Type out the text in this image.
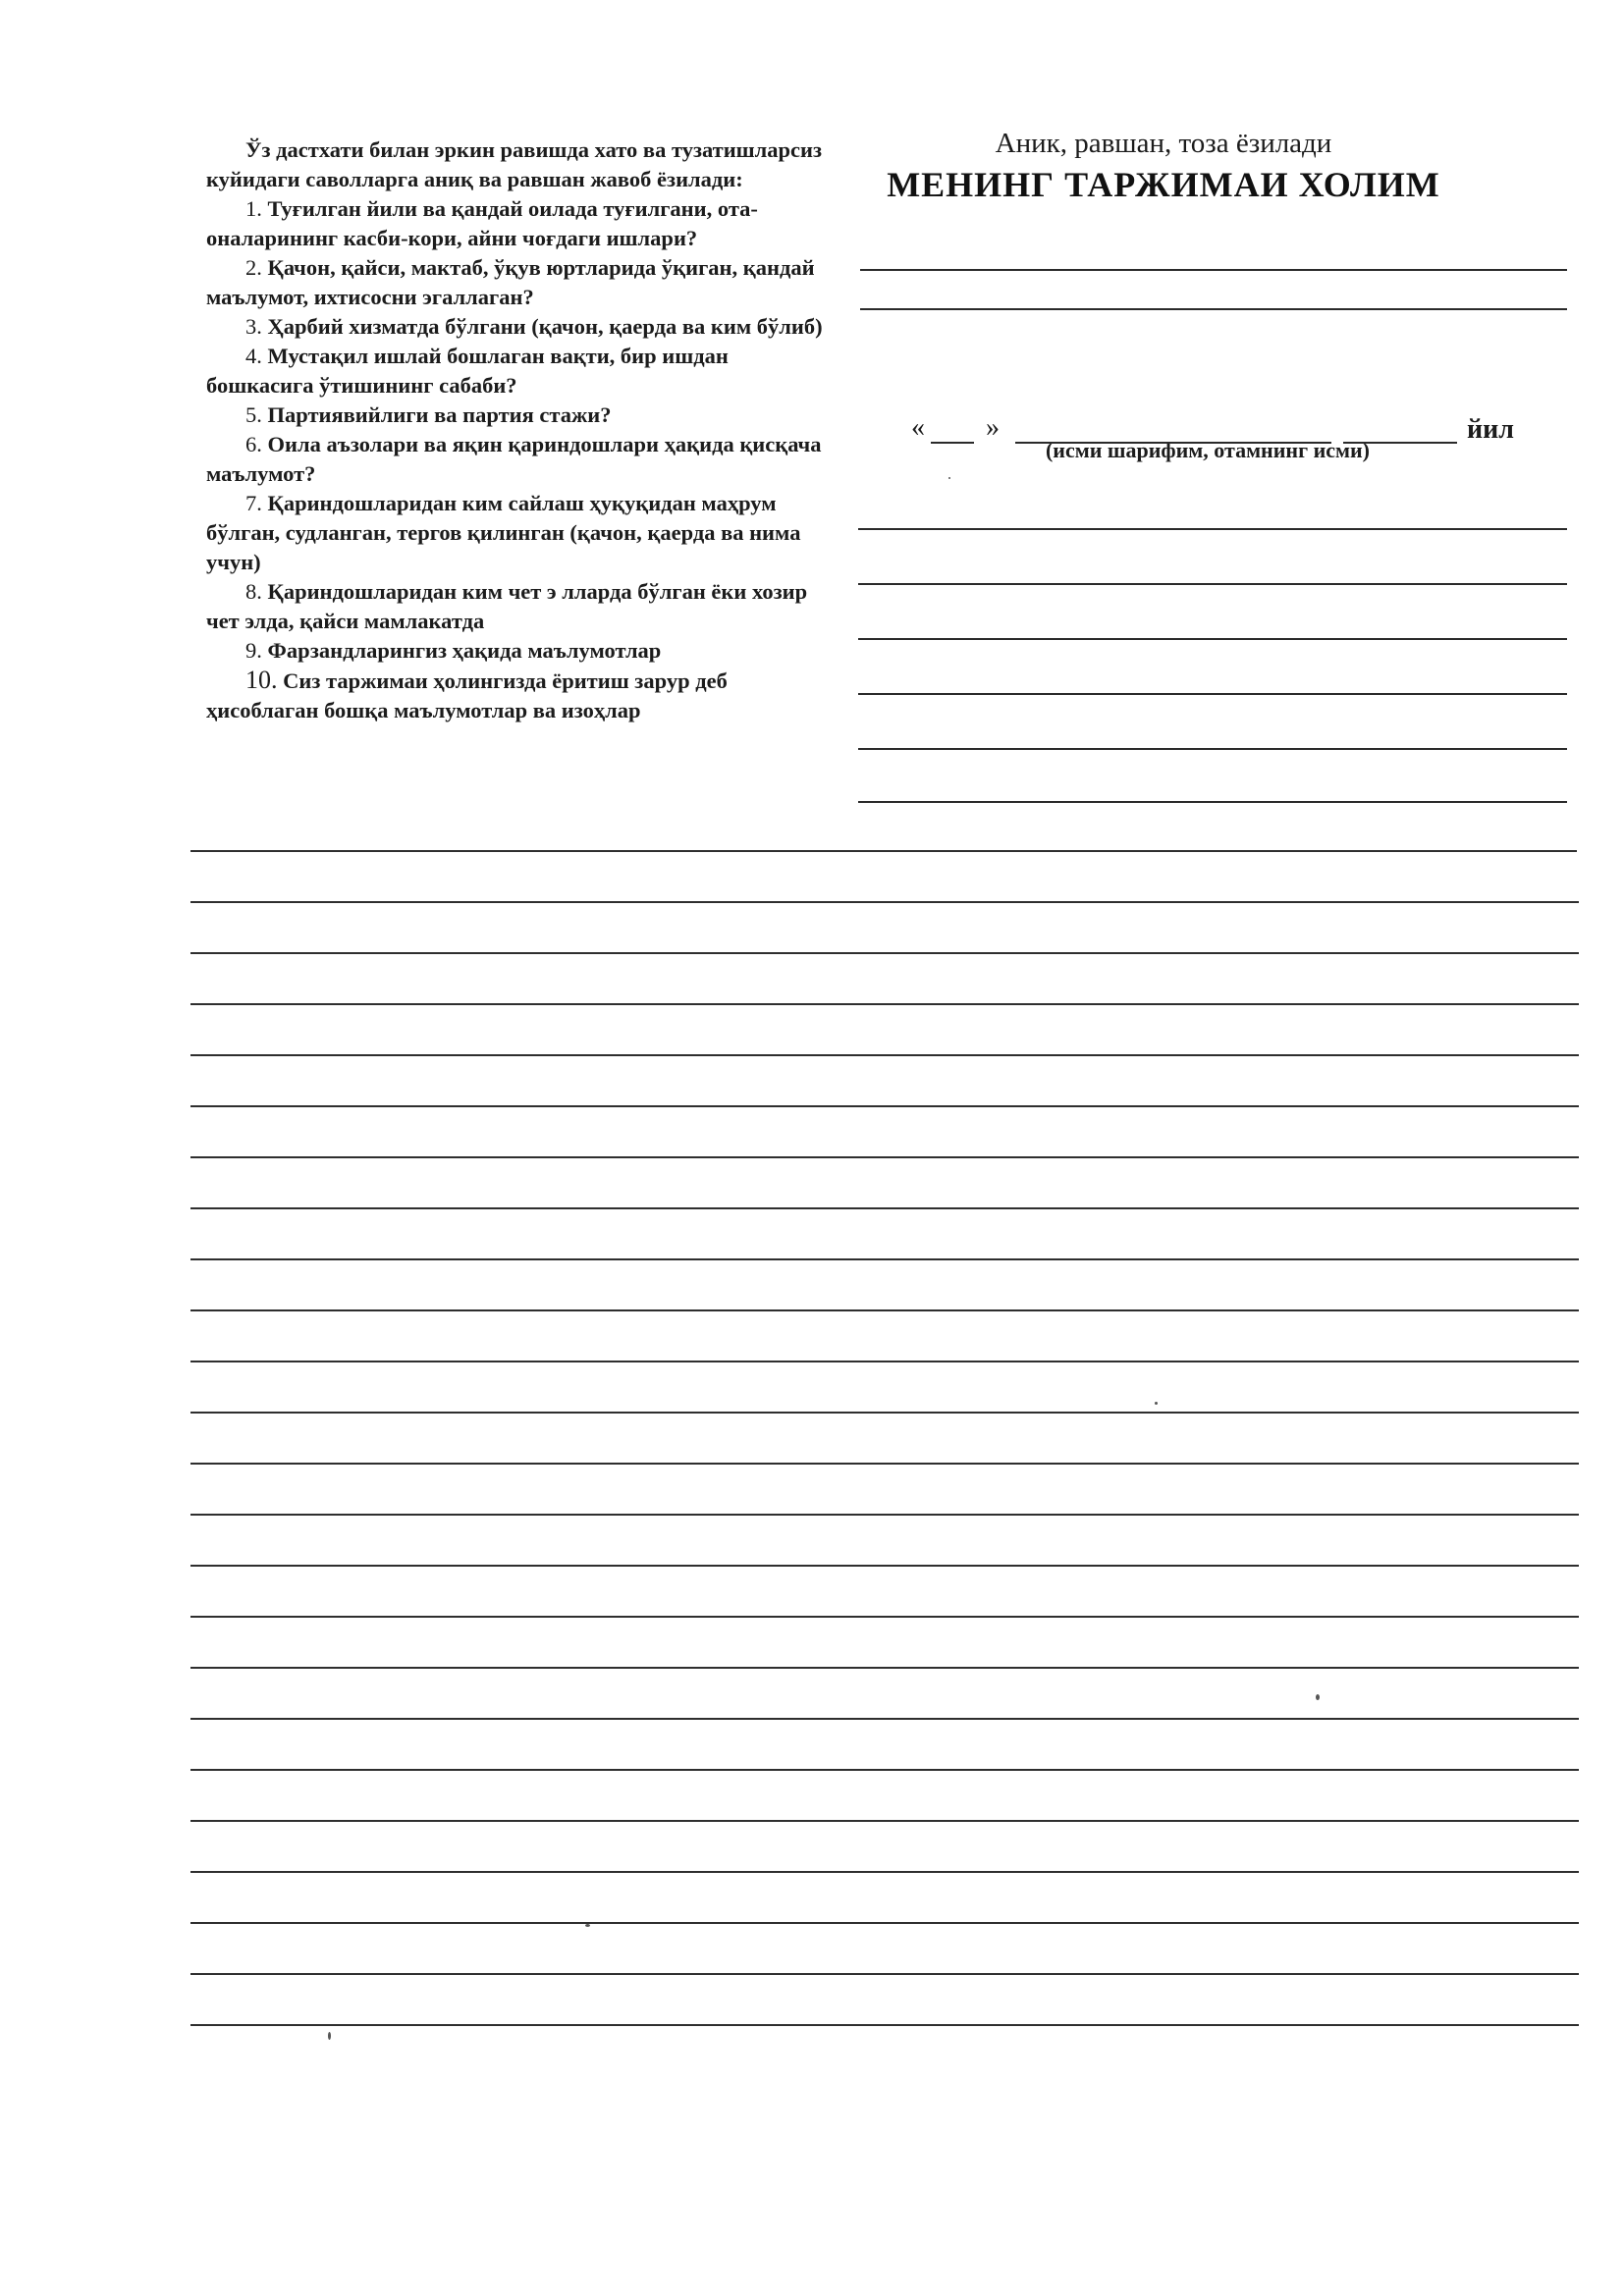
Ўз дастхати билан эркин равишда хато ва тузатишларсиз куйидаги саволларга аниқ ва равшан жавоб ёзилади:

1. Туғилган йили ва қандай оилада туғилгани, ота-оналарининг касби-кори, айни чоғдаги ишлари?
2. Қачон, қайси, мактаб, ўқув юртларида ўқиган, қандай маълумот, ихтисосни эгаллаган?
3. Ҳарбий хизматда бўлгани (қачон, қаерда ва ким бўлиб)
4. Мустақил ишлай бошлаган вақти, бир ишдан бошкасига ўтишининг сабаби?
5. Партиявийлиги ва партия стажи?
6. Оила аъзолари ва яқин қариндошлари ҳақида қисқача маълумот?
7. Қариндошларидан ким сайлаш ҳуқуқидан маҳрум бўлган, судланган, тергов қилинган (қачон, қаерда ва нима учун)
8. Қариндошларидан ким чет э лларда бўлган ёки хозир чет элда, қайси мамлакатда
9. Фарзандларингиз ҳақида маълумотлар
10. Сиз таржимаи ҳолингизда ёритиш зарур деб ҳисоблаган бошқа маълумотлар ва изоҳлар
Аник, равшан, тоза ёзилади
МЕНИНГ ТАРЖИМАИ ХОЛИМ
(исми шарифим, отамнинг исми)
« »	йил
